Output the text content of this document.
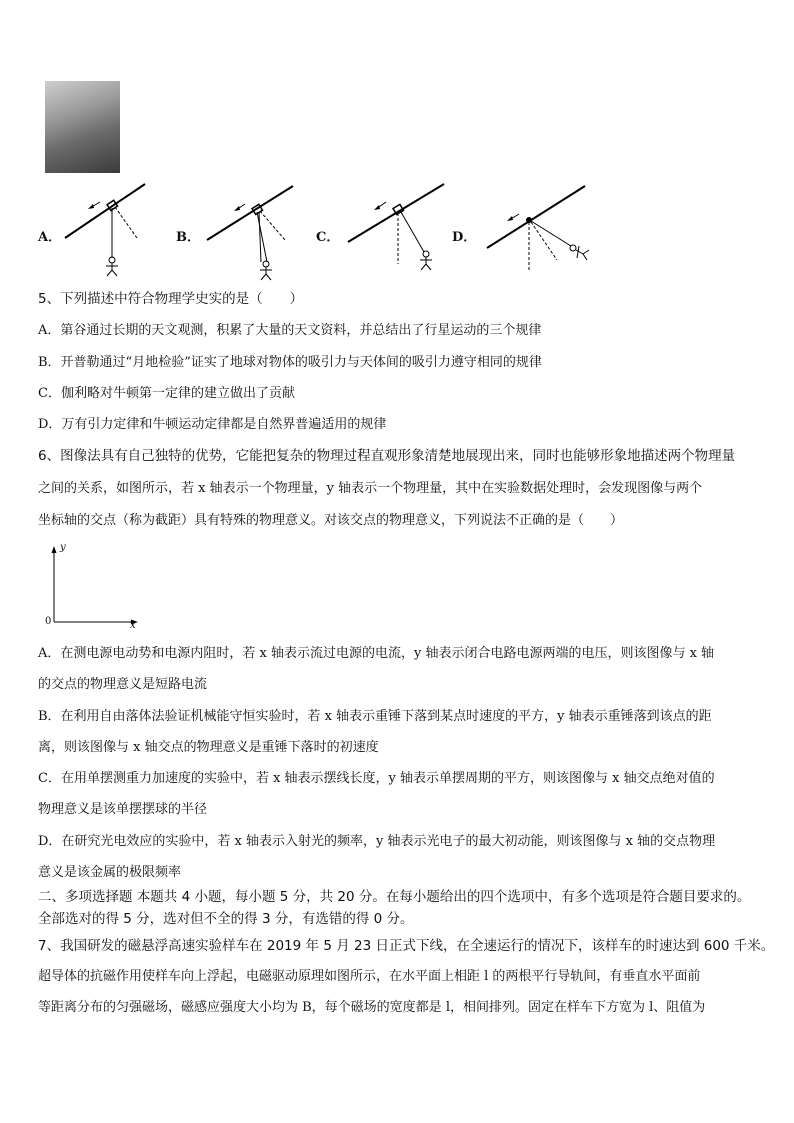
A．	B．	C．	D．
5、下列描述中符合物理学史实的是（　　）
A．第谷通过长期的天文观测，积累了大量的天文资料，并总结出了行星运动的三个规律
B．开普勒通过“月地检验”证实了地球对物体的吸引力与天体间的吸引力遵守相同的规律
C．伽利略对牛顿第一定律的建立做出了贡献
D．万有引力定律和牛顿运动定律都是自然界普遍适用的规律
6、图像法具有自己独特的优势，它能把复杂的物理过程直观形象清楚地展现出来，同时也能够形象地描述两个物理量
之间的关系，如图所示，若 x 轴表示一个物理量，y 轴表示一个物理量，其中在实验数据处理时，会发现图像与两个
坐标轴的交点（称为截距）具有特殊的物理意义。对该交点的物理意义，下列说法不正确的是（　　）
y
x
0
A．在测电源电动势和电源内阻时，若 x 轴表示流过电源的电流，y 轴表示闭合电路电源两端的电压，则该图像与 x 轴
的交点的物理意义是短路电流
B．在利用自由落体法验证机械能守恒实验时，若 x 轴表示重锤下落到某点时速度的平方，y 轴表示重锤落到该点的距
离，则该图像与 x 轴交点的物理意义是重锤下落时的初速度
C．在用单摆测重力加速度的实验中，若 x 轴表示摆线长度，y 轴表示单摆周期的平方，则该图像与 x 轴交点绝对值的
物理意义是该单摆摆球的半径
D．在研究光电效应的实验中，若 x 轴表示入射光的频率，y 轴表示光电子的最大初动能，则该图像与 x 轴的交点物理
意义是该金属的极限频率
二、多项选择题 本题共 4 小题，每小题 5 分，共 20 分。在每小题给出的四个选项中，有多个选项是符合题目要求的。
全部选对的得 5 分，选对但不全的得 3 分，有选错的得 0 分。
7、我国研发的磁悬浮高速实验样车在 2019 年 5 月 23 日正式下线，在全速运行的情况下，该样车的时速达到 600 千米。
超导体的抗磁作用使样车向上浮起，电磁驱动原理如图所示，在水平面上相距 l 的两根平行导轨间，有垂直水平面前
等距离分布的匀强磁场，磁感应强度大小均为 B，每个磁场的宽度都是 l，相间排列。固定在样车下方宽为 l、阻值为
